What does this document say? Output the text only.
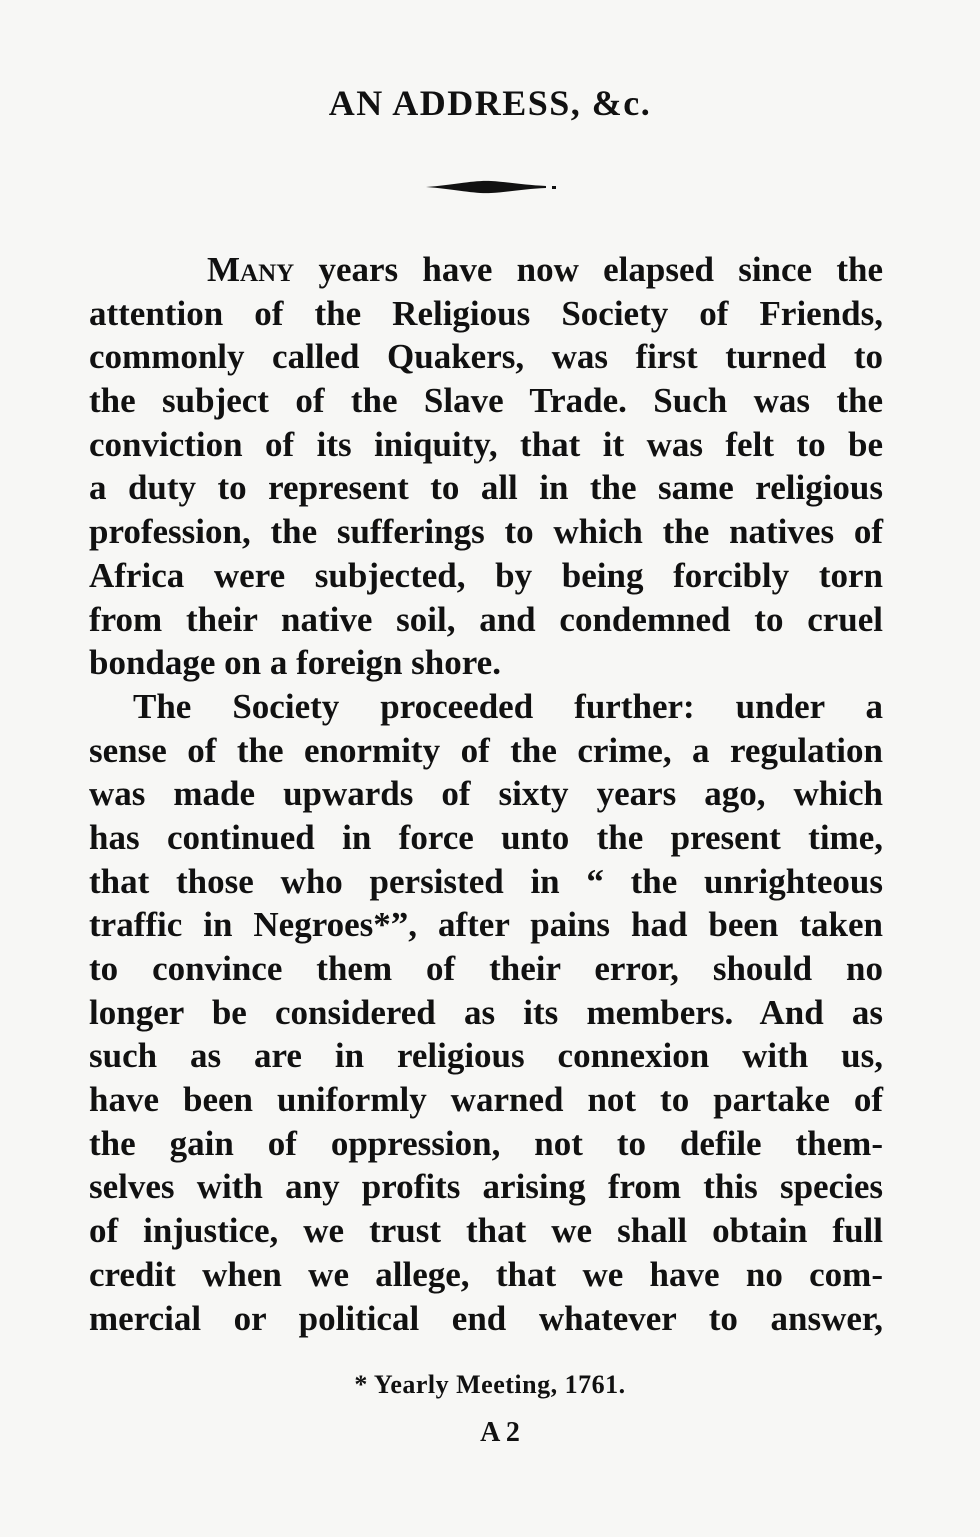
AN ADDRESS, &c.
Many years have now elapsed since the
attention of the Religious Society of Friends,
commonly called Quakers, was first turned to
the subject of the Slave Trade. Such was the
conviction of its iniquity, that it was felt to be
a duty to represent to all in the same religious
profession, the sufferings to which the natives of
Africa were subjected, by being forcibly torn
from their native soil, and condemned to cruel
bondage on a foreign shore.
The Society proceeded further: under a
sense of the enormity of the crime, a regulation
was made upwards of sixty years ago, which
has continued in force unto the present time,
that those who persisted in “ the unrighteous
traffic in Negroes*”, after pains had been taken
to convince them of their error, should no
longer be considered as its members. And as
such as are in religious connexion with us,
have been uniformly warned not to partake of
the gain of oppression, not to defile them-
selves with any profits arising from this species
of injustice, we trust that we shall obtain full
credit when we allege, that we have no com-
mercial or political end whatever to answer,
* Yearly Meeting, 1761.
A 2
